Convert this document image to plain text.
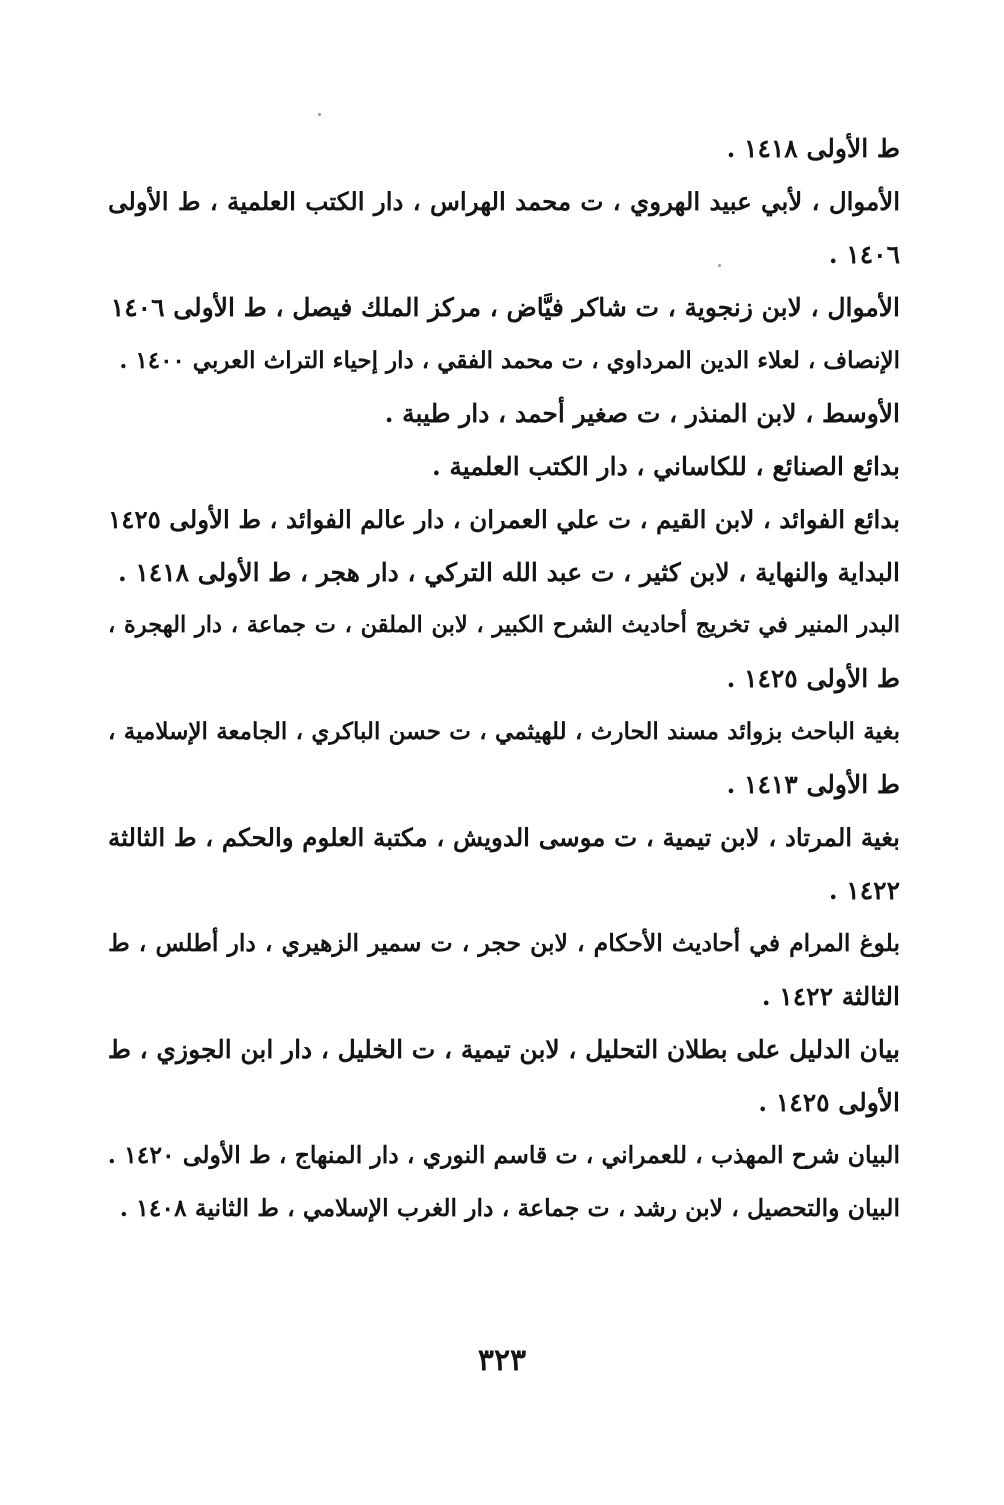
ط الأولى ١٤١٨ .
الأموال ، لأبي عبيد الهروي ، ت محمد الهراس ، دار الكتب العلمية ، ط الأولى
١٤٠٦ .
الأموال ، لابن زنجوية ، ت شاكر فيَّاض ، مركز الملك فيصل ، ط الأولى ١٤٠٦
الإنصاف ، لعلاء الدين المرداوي ، ت محمد الفقي ، دار إحياء التراث العربي ١٤٠٠ .
الأوسط ، لابن المنذر ، ت صغير أحمد ، دار طيبة .
بدائع الصنائع ، للكاساني ، دار الكتب العلمية .
بدائع الفوائد ، لابن القيم ، ت علي العمران ، دار عالم الفوائد ، ط الأولى ١٤٢٥
البداية والنهاية ، لابن كثير ، ت عبد الله التركي ، دار هجر ، ط الأولى ١٤١٨ .
البدر المنير في تخريج أحاديث الشرح الكبير ، لابن الملقن ، ت جماعة ، دار الهجرة ،
ط الأولى ١٤٢٥ .
بغية الباحث بزوائد مسند الحارث ، للهيثمي ، ت حسن الباكري ، الجامعة الإسلامية ،
ط الأولى ١٤١٣ .
بغية المرتاد ، لابن تيمية ، ت موسى الدويش ، مكتبة العلوم والحكم ، ط الثالثة
١٤٢٢ .
بلوغ المرام في أحاديث الأحكام ، لابن حجر ، ت سمير الزهيري ، دار أطلس ، ط
الثالثة ١٤٢٢ .
بيان الدليل على بطلان التحليل ، لابن تيمية ، ت الخليل ، دار ابن الجوزي ، ط
الأولى ١٤٢٥ .
البيان شرح المهذب ، للعمراني ، ت قاسم النوري ، دار المنهاج ، ط الأولى ١٤٢٠ .
البيان والتحصيل ، لابن رشد ، ت جماعة ، دار الغرب الإسلامي ، ط الثانية ١٤٠٨ .
٣٢٣
